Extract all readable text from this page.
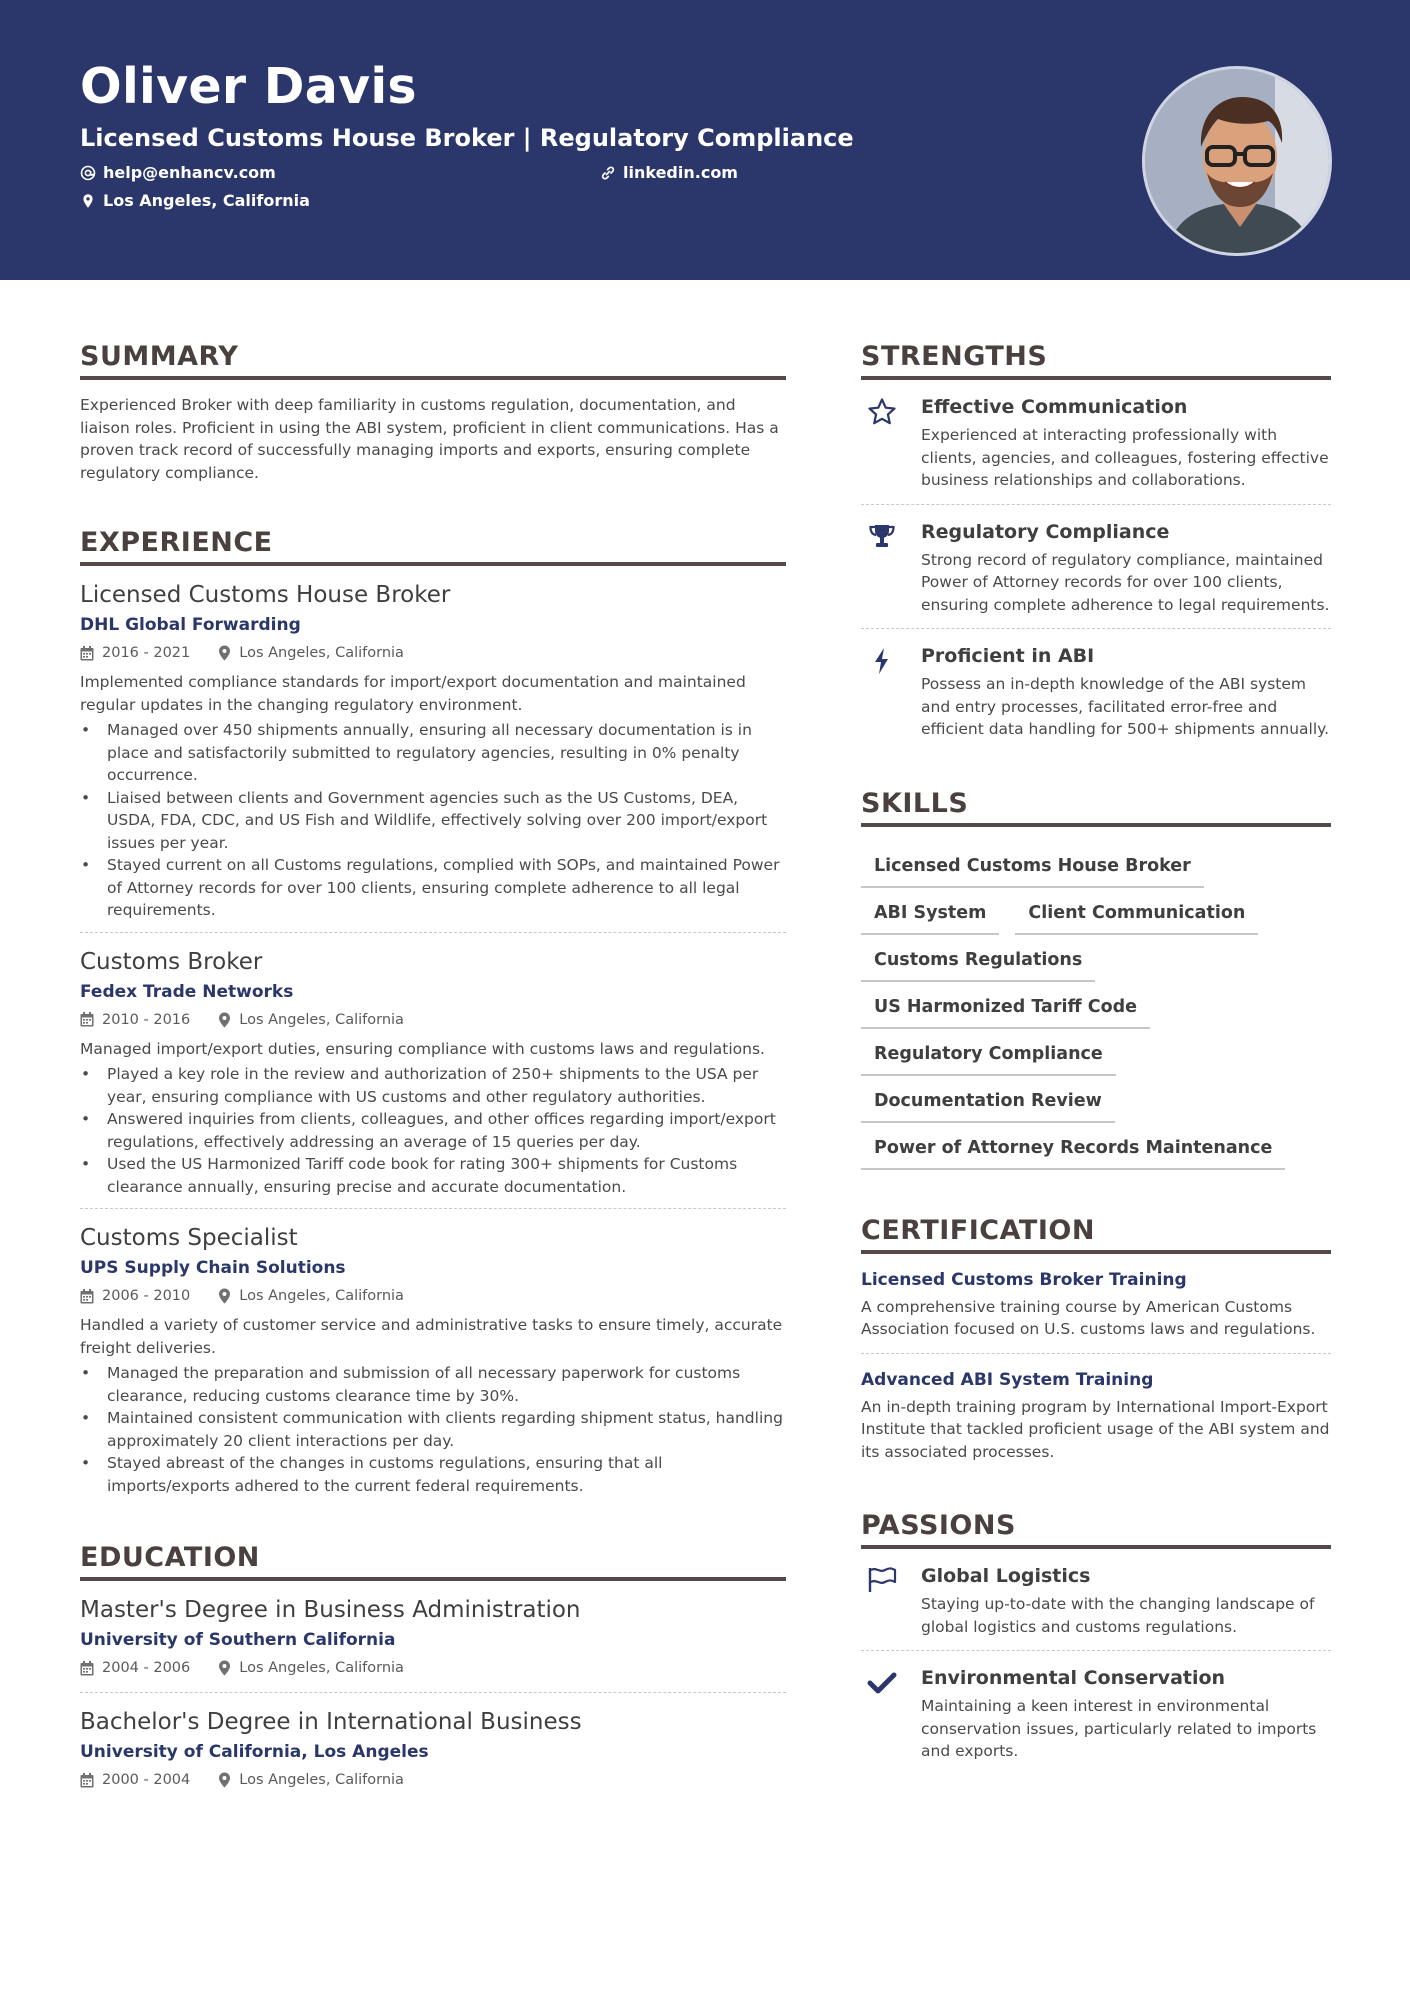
Oliver Davis
Licensed Customs House Broker | Regulatory Compliance
help@enhancv.com	linkedin.com
Los Angeles, California
SUMMARY

Experienced Broker with deep familiarity in customs regulation, documentation, and liaison roles. Proficient in using the ABI system, proficient in client communications. Has a proven track record of successfully managing imports and exports, ensuring complete regulatory compliance.

EXPERIENCE
Licensed Customs House Broker
DHL Global Forwarding
2016 - 2021	Los Angeles, California

Implemented compliance standards for import/export documentation and maintained regular updates in the changing regulatory environment.

• Managed over 450 shipments annually, ensuring all necessary documentation is in place and satisfactorily submitted to regulatory agencies, resulting in 0% penalty occurrence.
• Liaised between clients and Government agencies such as the US Customs, DEA, USDA, FDA, CDC, and US Fish and Wildlife, effectively solving over 200 import/export issues per year.
• Stayed current on all Customs regulations, complied with SOPs, and maintained Power of Attorney records for over 100 clients, ensuring complete adherence to all legal requirements.
Customs Broker
Fedex Trade Networks
2010 - 2016	Los Angeles, California

Managed import/export duties, ensuring compliance with customs laws and regulations.

• Played a key role in the review and authorization of 250+ shipments to the USA per year, ensuring compliance with US customs and other regulatory authorities.
• Answered inquiries from clients, colleagues, and other offices regarding import/export regulations, effectively addressing an average of 15 queries per day.
• Used the US Harmonized Tariff code book for rating 300+ shipments for Customs clearance annually, ensuring precise and accurate documentation.
Customs Specialist
UPS Supply Chain Solutions
2006 - 2010	Los Angeles, California

Handled a variety of customer service and administrative tasks to ensure timely, accurate freight deliveries.

• Managed the preparation and submission of all necessary paperwork for customs clearance, reducing customs clearance time by 30%.
• Maintained consistent communication with clients regarding shipment status, handling approximately 20 client interactions per day.
• Stayed abreast of the changes in customs regulations, ensuring that all imports/exports adhered to the current federal requirements.
EDUCATION
Master's Degree in Business Administration
University of Southern California
2004 - 2006	Los Angeles, California
Bachelor's Degree in International Business
University of California, Los Angeles
2000 - 2004	Los Angeles, California
STRENGTHS
Effective Communication
Experienced at interacting professionally with clients, agencies, and colleagues, fostering effective business relationships and collaborations.
Regulatory Compliance
Strong record of regulatory compliance, maintained Power of Attorney records for over 100 clients, ensuring complete adherence to legal requirements.
Proficient in ABI
Possess an in-depth knowledge of the ABI system and entry processes, facilitated error-free and efficient data handling for 500+ shipments annually.
SKILLS
Licensed Customs House Broker
ABI System	Client Communication
Customs Regulations
US Harmonized Tariff Code
Regulatory Compliance
Documentation Review
Power of Attorney Records Maintenance
CERTIFICATION
Licensed Customs Broker Training
A comprehensive training course by American Customs Association focused on U.S. customs laws and regulations.
Advanced ABI System Training
An in-depth training program by International Import-Export Institute that tackled proficient usage of the ABI system and its associated processes.
PASSIONS
Global Logistics
Staying up-to-date with the changing landscape of global logistics and customs regulations.
Environmental Conservation
Maintaining a keen interest in environmental conservation issues, particularly related to imports and exports.
